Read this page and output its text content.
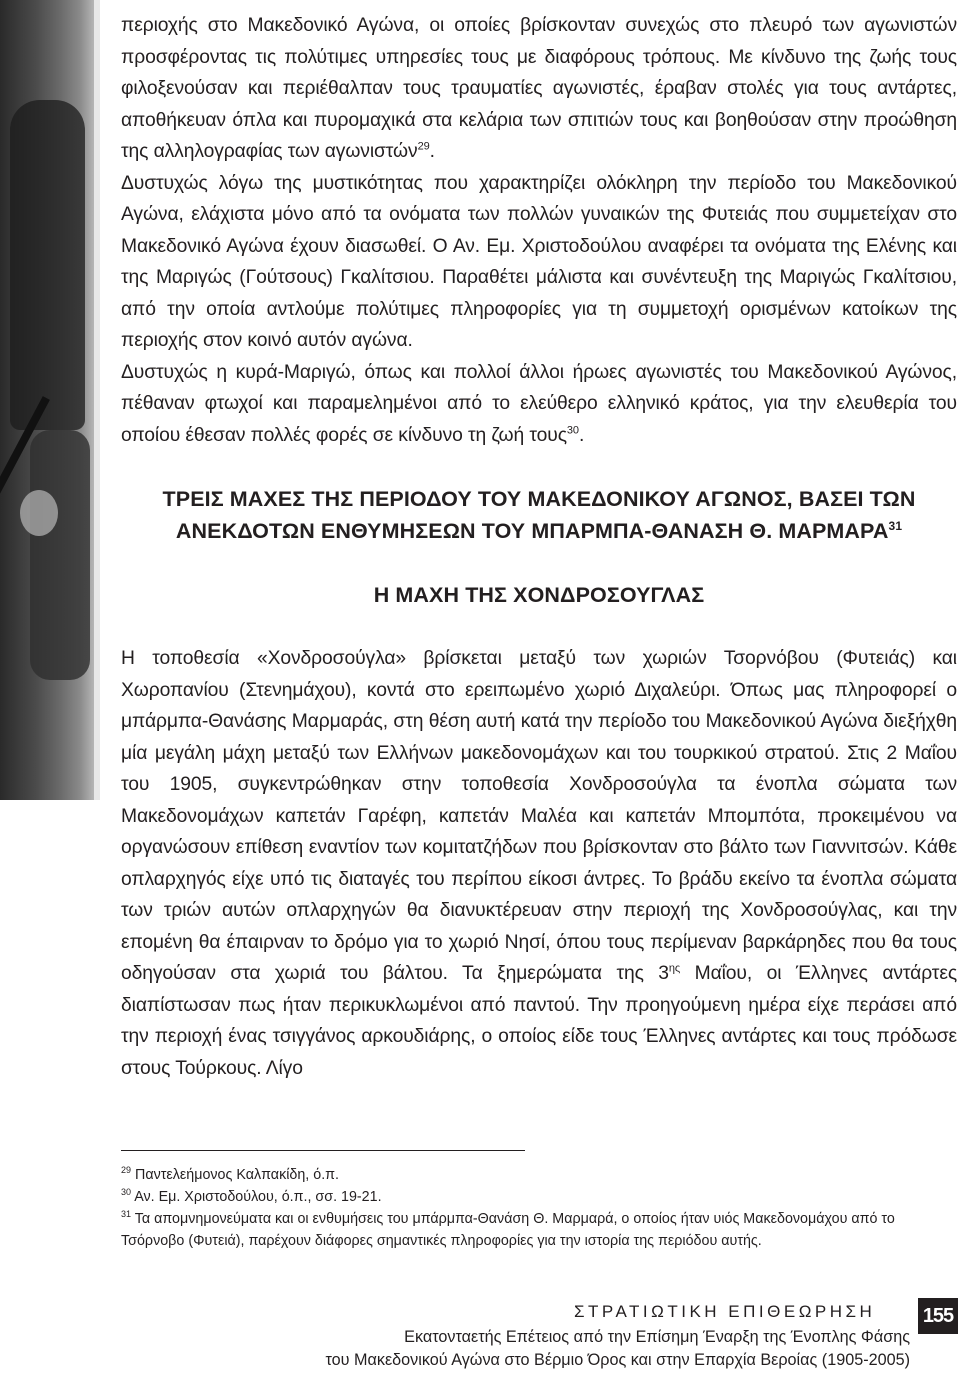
περιοχής στο Μακεδονικό Αγώνα, οι οποίες βρίσκονταν συνεχώς στο πλευρό των αγωνιστών προσφέροντας τις πολύτιμες υπηρεσίες τους με διαφόρους τρόπους. Με κίνδυνο της ζωής τους φιλοξενούσαν και περιέθαλπαν τους τραυματίες αγωνιστές, έραβαν στολές για τους αντάρτες, αποθήκευαν όπλα και πυρομαχικά στα κελάρια των σπιτιών τους και βοηθούσαν στην προώθηση της αλληλογραφίας των αγωνιστών$^{29}$.

Δυστυχώς λόγω της μυστικότητας που χαρακτηρίζει ολόκληρη την περίοδο του Μακεδονικού Αγώνα, ελάχιστα μόνο από τα ονόματα των πολλών γυναικών της Φυτειάς που συμμετείχαν στο Μακεδονικό Αγώνα έχουν διασωθεί. Ο Αν. Εμ. Χριστοδούλου αναφέρει τα ονόματα της Ελένης και της Μαριγώς (Γούτσους) Γκαλίτσιου. Παραθέτει μάλιστα και συνέντευξη της Μαριγώς Γκαλίτσιου, από την οποία αντλούμε πολύτιμες πληροφορίες για τη συμμετοχή ορισμένων κατοίκων της περιοχής στον κοινό αυτόν αγώνα.

Δυστυχώς η κυρά-Μαριγώ, όπως και πολλοί άλλοι ήρωες αγωνιστές του Μακεδονικού Αγώνος, πέθαναν φτωχοί και παραμελημένοι από το ελεύθερο ελληνικό κράτος, για την ελευθερία του οποίου έθεσαν πολλές φορές σε κίνδυνο τη ζωή τους$^{30}$.

ΤΡΕΙΣ ΜΑΧΕΣ ΤΗΣ ΠΕΡΙΟΔΟΥ ΤΟΥ ΜΑΚΕΔΟΝΙΚΟΥ ΑΓΩΝΟΣ, ΒΑΣΕΙ ΤΩΝ

ΑΝΕΚΔΟΤΩΝ ΕΝΘΥΜΗΣΕΩΝ ΤΟΥ ΜΠΑΡΜΠΑ-ΘΑΝΑΣΗ Θ. ΜΑΡΜΑΡΑ$^{31}$

Η ΜΑΧΗ ΤΗΣ ΧΟΝΔΡΟΣΟΥΓΛΑΣ

Η τοποθεσία «Χονδροσούγλα» βρίσκεται μεταξύ των χωριών Τσορνόβου (Φυτειάς) και Χωροπανίου (Στενημάχου), κοντά στο ερειπωμένο χωριό Διχαλεύρι. Όπως μας πληροφορεί ο μπάρμπα-Θανάσης Μαρμαράς, στη θέση αυτή κατά την περίοδο του Μακεδονικού Αγώνα διεξήχθη μία μεγάλη μάχη μεταξύ των Ελλήνων μακεδονομάχων και του τουρκικού στρατού. Στις 2 Μαΐου του 1905, συγκεντρώθηκαν στην τοποθεσία Χονδροσούγλα τα ένοπλα σώματα των Μακεδονομάχων καπετάν Γαρέφη, καπετάν Μαλέα και καπετάν Μπομπότα, προκειμένου να οργανώσουν επίθεση εναντίον των κομιτατζήδων που βρίσκονταν στο βάλτο των Γιαννιτσών. Κάθε οπλαρχηγός είχε υπό τις διαταγές του περίπου είκοσι άντρες. Το βράδυ εκείνο τα ένοπλα σώματα των τριών αυτών οπλαρχηγών θα διανυκτέρευαν στην περιοχή της Χονδροσούγλας, και την επομένη θα έπαιρναν το δρόμο για το χωριό Νησί, όπου τους περίμεναν βαρκάρηδες που θα τους οδηγούσαν στα χωριά του βάλτου. Τα ξημερώματα της $3^{\eta\varsigma}$ Μαΐου, οι Έλληνες αντάρτες διαπίστωσαν πως ήταν περικυκλωμένοι από παντού. Την προηγούμενη ημέρα είχε περάσει από την περιοχή ένας τσιγγάνος αρκουδιάρης, ο οποίος είδε τους Έλληνες αντάρτες και τους πρόδωσε στους Τούρκους. Λίγο

$^{29}$ Παντελεήμονος Καλπακίδη, ό.π.
$^{30}$ Αν. Εμ. Χριστοδούλου, ό.π., σσ. 19-21.
$^{31}$ Τα απομνημονεύματα και οι ενθυμήσεις του μπάρμπα-Θανάση Θ. Μαρμαρά, ο οποίος ήταν υιός Μακεδονομάχου από το Τσόρνοβο (Φυτειά), παρέχουν διάφορες σημαντικές πληροφορίες για την ιστορία της περιόδου αυτής.
ΣΤΡΑΤΙΩΤΙΚΗ ΕΠΙΘΕΩΡΗΣΗ 155
Εκατονταετής Επέτειος από την Επίσημη Έναρξη της Ένοπλης Φάσης
του Μακεδονικού Αγώνα στο Βέρμιο Όρος και στην Επαρχία Βεροίας (1905-2005)
